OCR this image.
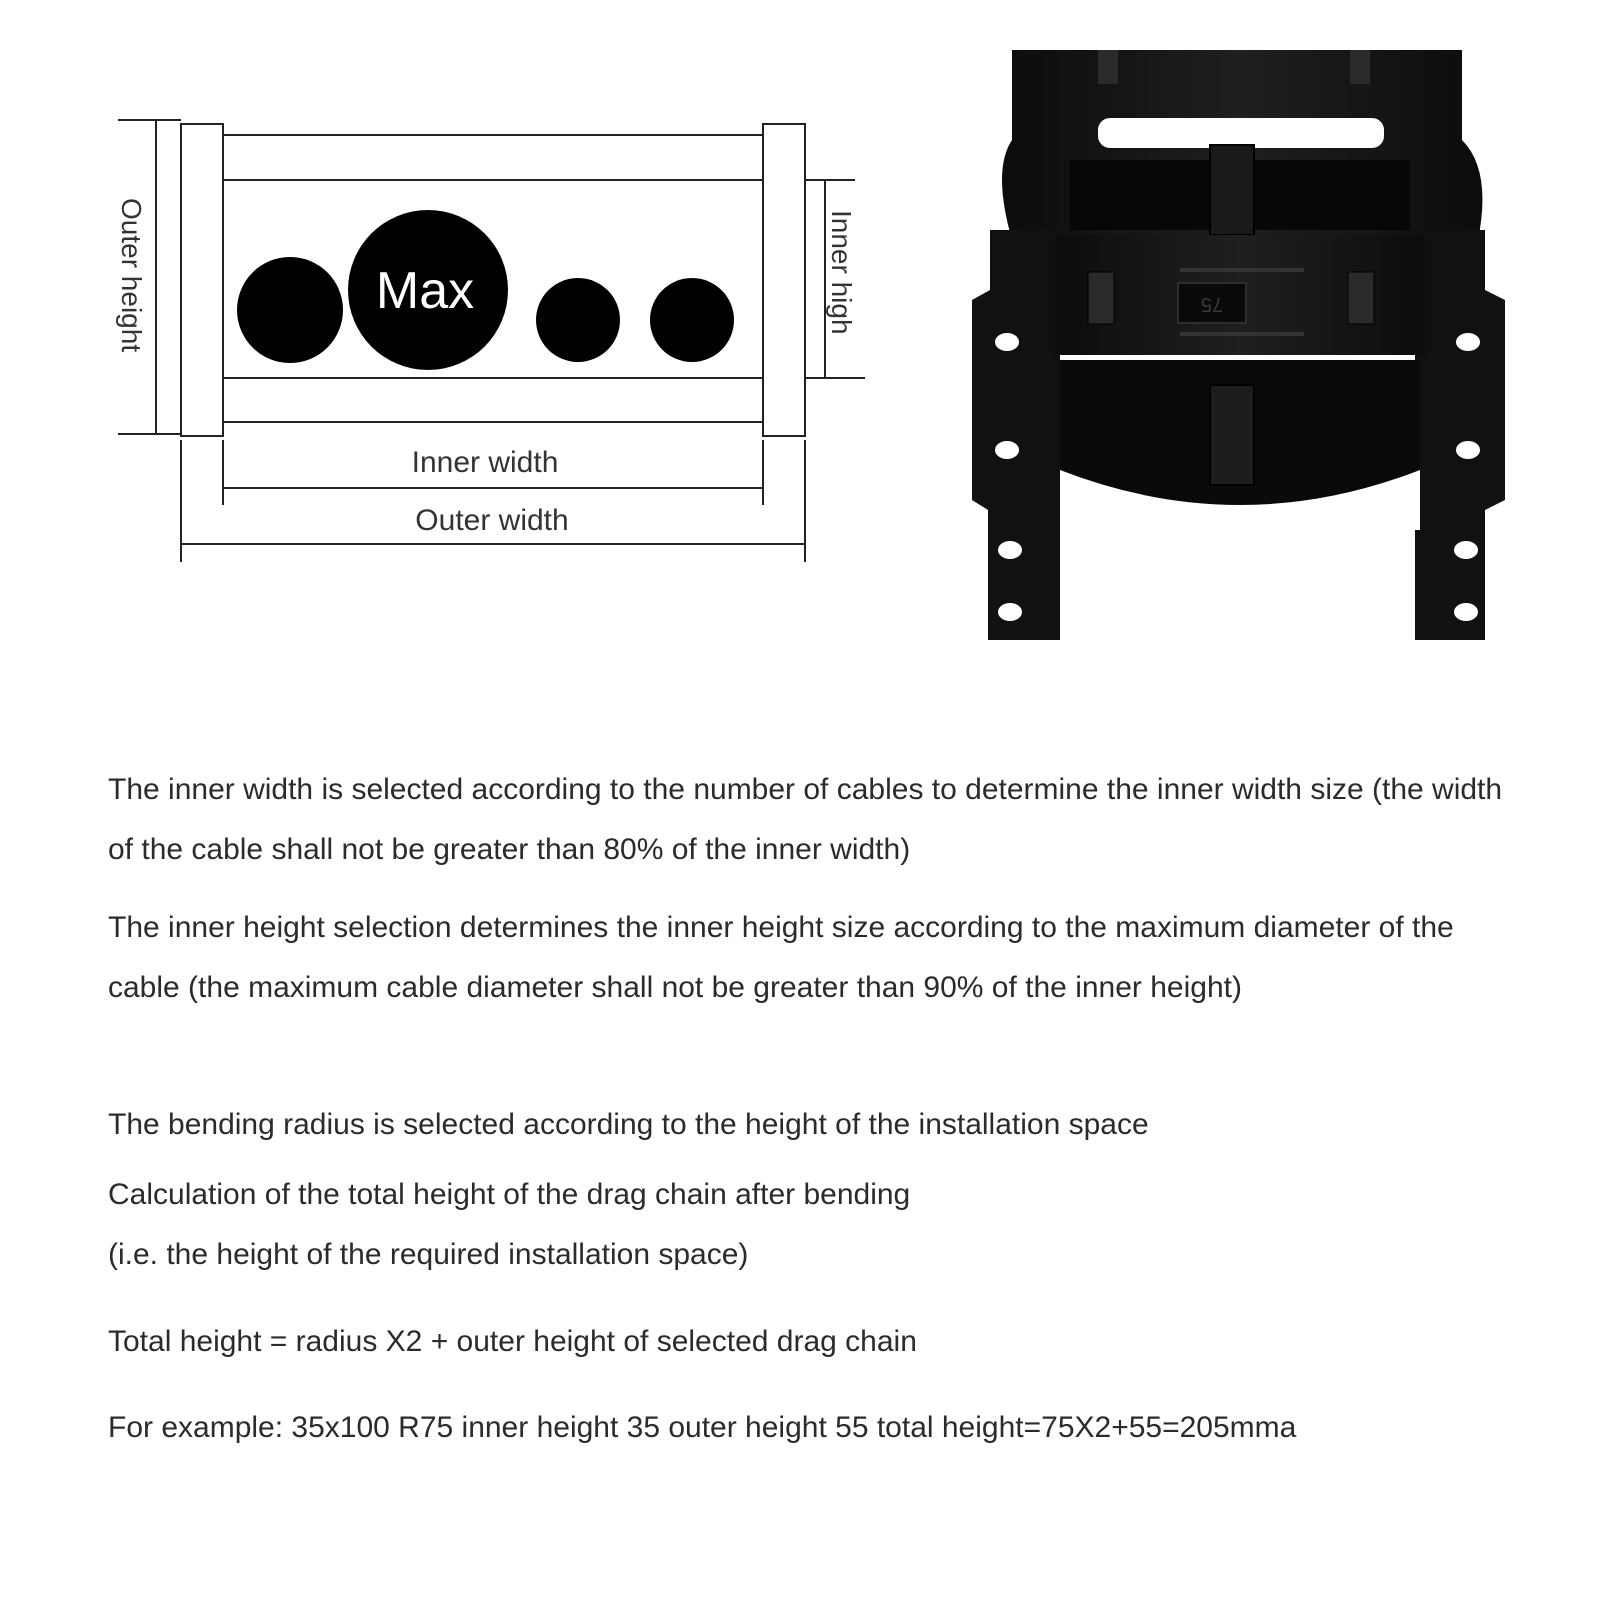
Max
Outer height	Inner high
Inner width
Outer width
75

The inner width is selected according to the number of cables to determine the inner width size (the width of the cable shall not be greater than 80% of the inner width)

The inner height selection determines the inner height size according to the maximum diameter of the cable (the maximum cable diameter shall not be greater than 90% of the inner height)

The bending radius is selected according to the height of the installation space

Calculation of the total height of the drag chain after bending
(i.e. the height of the required installation space)

Total height = radius X2 + outer height of selected drag chain

For example: 35x100 R75 inner height 35 outer height 55 total height=75X2+55=205mma
